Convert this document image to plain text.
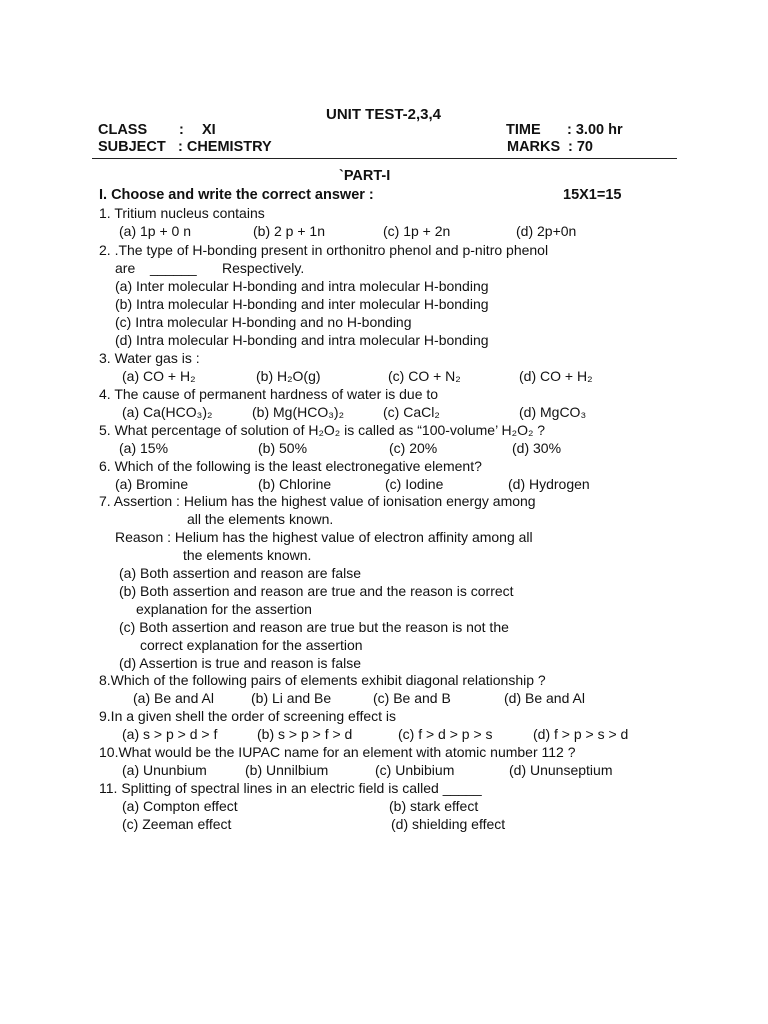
UNIT TEST-2,3,4
CLASS : XI	TIME : 3.00 hr
SUBJECT : CHEMISTRY	MARKS : 70
`PART-I
I. Choose and write the correct answer :	15X1=15
1. Tritium nucleus contains
(a) 1p + 0 n	(b) 2 p + 1n	(c) 1p + 2n	(d) 2p+0n
2. .The type of H-bonding present in orthonitro phenol and p-nitro phenol
are ______ Respectively.
(a) Inter molecular H-bonding and intra molecular H-bonding
(b) Intra molecular H-bonding and inter molecular H-bonding
(c) Intra molecular H-bonding and no H-bonding
(d) Intra molecular H-bonding and intra molecular H-bonding
3. Water gas is :
(a) CO + H₂	(b) H₂O(g)	(c) CO + N₂	(d) CO + H₂
4. The cause of permanent hardness of water is due to
(a) Ca(HCO₃)₂	(b) Mg(HCO₃)₂	(c) CaCl₂	(d) MgCO₃
5. What percentage of solution of H₂O₂ is called as “100-volume’ H₂O₂ ?
(a) 15%	(b) 50%	(c) 20%	(d) 30%
6. Which of the following is the least electronegative element?
(a) Bromine	(b) Chlorine	(c) Iodine	(d) Hydrogen
7. Assertion : Helium has the highest value of ionisation energy among
all the elements known.
Reason : Helium has the highest value of electron affinity among all
the elements known.
(a) Both assertion and reason are false
(b) Both assertion and reason are true and the reason is correct
explanation for the assertion
(c) Both assertion and reason are true but the reason is not the
correct explanation for the assertion
(d) Assertion is true and reason is false
8.Which of the following pairs of elements exhibit diagonal relationship ?
(a) Be and Al	(b) Li and Be	(c) Be and B	(d) Be and Al
9.In a given shell the order of screening effect is
(a) s > p > d > f	(b) s > p > f > d	(c) f > d > p > s	(d) f > p > s > d
10.What would be the IUPAC name for an element with atomic number 112 ?
(a) Ununbium	(b) Unnilbium	(c) Unbibium	(d) Ununseptium
11. Splitting of spectral lines in an electric field is called _____
(a) Compton effect	(b) stark effect
(c) Zeeman effect	(d) shielding effect
